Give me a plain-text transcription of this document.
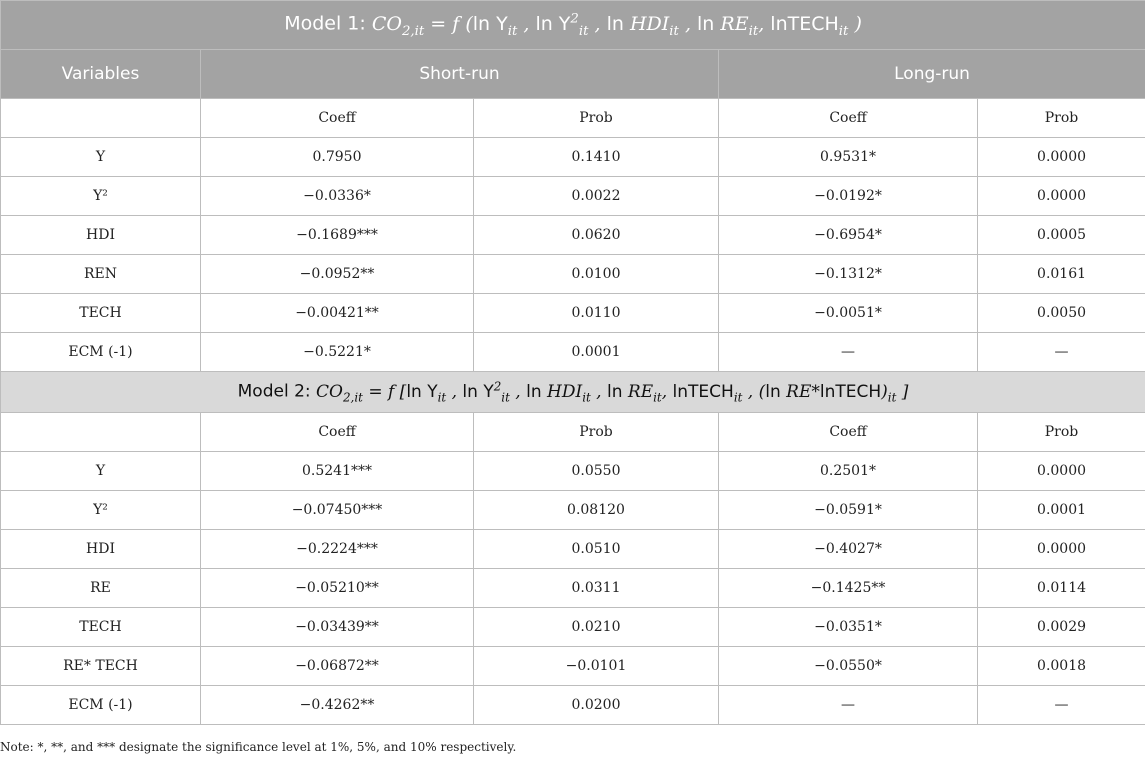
Model 1: $CO_{2,it} = f$ (ln $Y_{it}$ , $\ln Y^2_{it}$ , $\ln HDI_{it}$ , $\ln RE_{it}$, lnTECH$_{it}$ )				
Variables	Short-run		Long-run	
	Coeff	Prob	Coeff	Prob
Y	0.7950	0.1410	0.9531*	0.0000
Y²	−0.0336*	0.0022	−0.0192*	0.0000
HDI	−0.1689***	0.0620	−0.6954*	0.0005
REN	−0.0952**	0.0100	−0.1312*	0.0161
TECH	−0.00421**	0.0110	−0.0051*	0.0050
ECM (-1)	−0.5221*	0.0001	—	—
Model 2: $CO_{2,it} = f$ [ln $Y_{it}$ , $\ln Y^2_{it}$ , $\ln HDI_{it}$ , $\ln RE_{it}$, lnTECH$_{it}$ , (ln $RE*lnTECH)_{it}$ ]				
	Coeff	Prob	Coeff	Prob
Y	0.5241***	0.0550	0.2501*	0.0000
Y²	−0.07450***	0.08120	−0.0591*	0.0001
HDI	−0.2224***	0.0510	−0.4027*	0.0000
RE	−0.05210**	0.0311	−0.1425**	0.0114
TECH	−0.03439**	0.0210	−0.0351*	0.0029
RE* TECH	−0.06872**	−0.0101	−0.0550*	0.0018
ECM (-1)	−0.4262**	0.0200	—	—
Note: *, **, and *** designate the significance level at 1%, 5%, and 10% respectively.
